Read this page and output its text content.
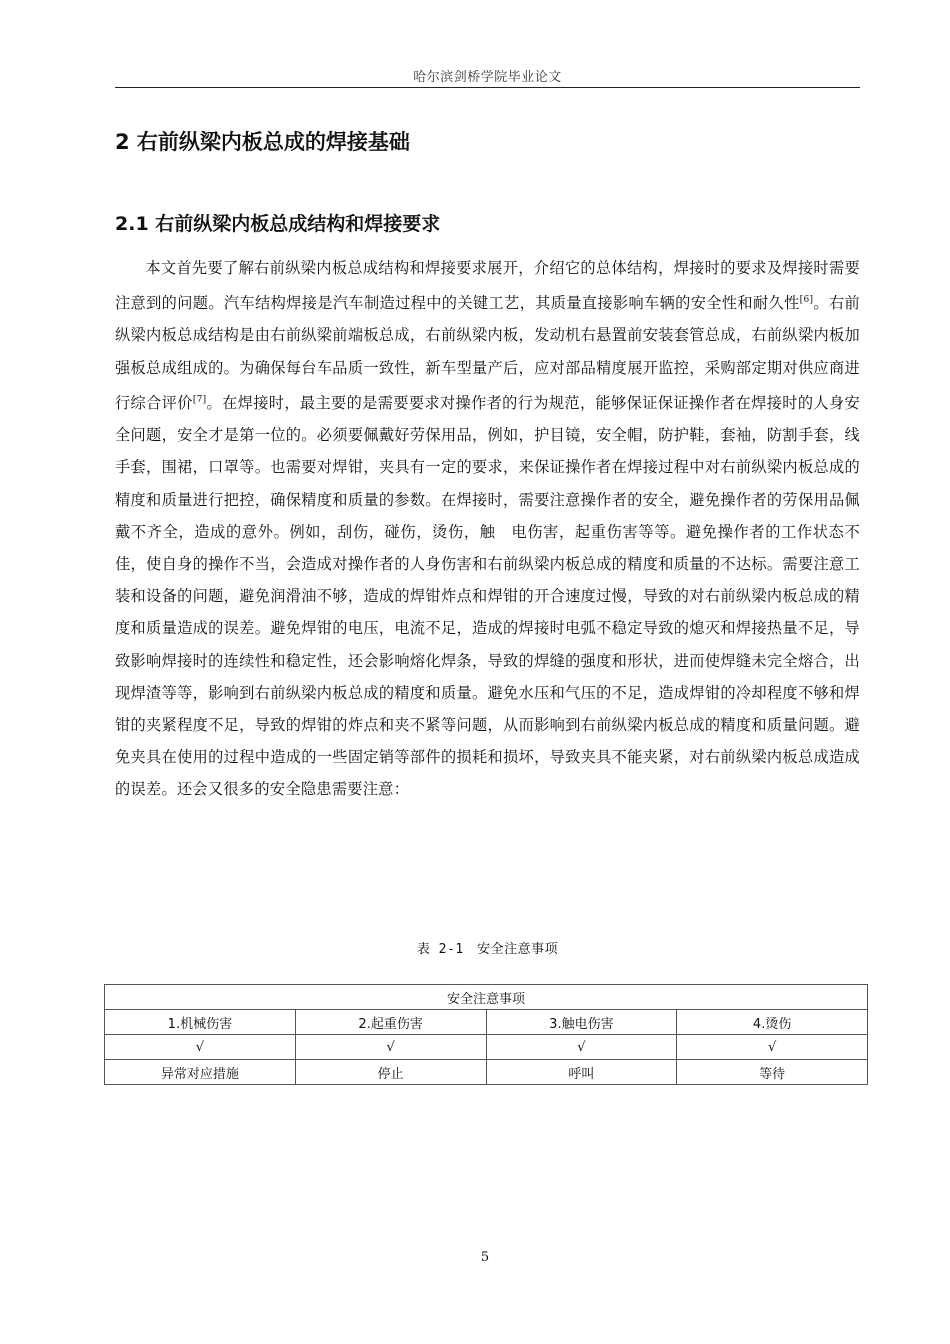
哈尔滨剑桥学院毕业论文
2 右前纵梁内板总成的焊接基础
2.1 右前纵梁内板总成结构和焊接要求

本文首先要了解右前纵梁内板总成结构和焊接要求展开，介绍它的总体结构，焊接时的要求及焊接时需要注意到的问题。汽车结构焊接是汽车制造过程中的关键工艺，其质量直接影响车辆的安全性和耐久性[6]。右前纵梁内板总成结构是由右前纵梁前端板总成，右前纵梁内板，发动机右悬置前安装套管总成，右前纵梁内板加强板总成组成的。为确保每台车品质一致性，新车型量产后，应对部品精度展开监控，采购部定期对供应商进行综合评价[7]。在焊接时，最主要的是需要要求对操作者的行为规范，能够保证保证操作者在焊接时的人身安全问题，安全才是第一位的。必须要佩戴好劳保用品，例如，护目镜，安全帽，防护鞋，套袖，防割手套，线手套，围裙，口罩等。也需要对焊钳，夹具有一定的要求，来保证操作者在焊接过程中对右前纵梁内板总成的精度和质量进行把控，确保精度和质量的参数。在焊接时，需要注意操作者的安全，避免操作者的劳保用品佩戴不齐全，造成的意外。例如，刮伤，碰伤，烫伤，触　电伤害，起重伤害等等。避免操作者的工作状态不佳，使自身的操作不当，会造成对操作者的人身伤害和右前纵梁内板总成的精度和质量的不达标。需要注意工装和设备的问题，避免润滑油不够，造成的焊钳炸点和焊钳的开合速度过慢，导致的对右前纵梁内板总成的精度和质量造成的误差。避免焊钳的电压，电流不足，造成的焊接时电弧不稳定导致的熄灭和焊接热量不足，导致影响焊接时的连续性和稳定性，还会影响熔化焊条，导致的焊缝的强度和形状，进而使焊缝未完全熔合，出现焊渣等等，影响到右前纵梁内板总成的精度和质量。避免水压和气压的不足，造成焊钳的冷却程度不够和焊钳的夹紧程度不足，导致的焊钳的炸点和夹不紧等问题，从而影响到右前纵梁内板总成的精度和质量问题。避免夹具在使用的过程中造成的一些固定销等部件的损耗和损坏，导致夹具不能夹紧，对右前纵梁内板总成造成的误差。还会又很多的安全隐患需要注意：

表 2-1　安全注意事项
安全注意事项			
1.机械伤害	2.起重伤害	3.触电伤害	4.烫伤
√	√	√	√
异常对应措施	停止	呼叫	等待
5
